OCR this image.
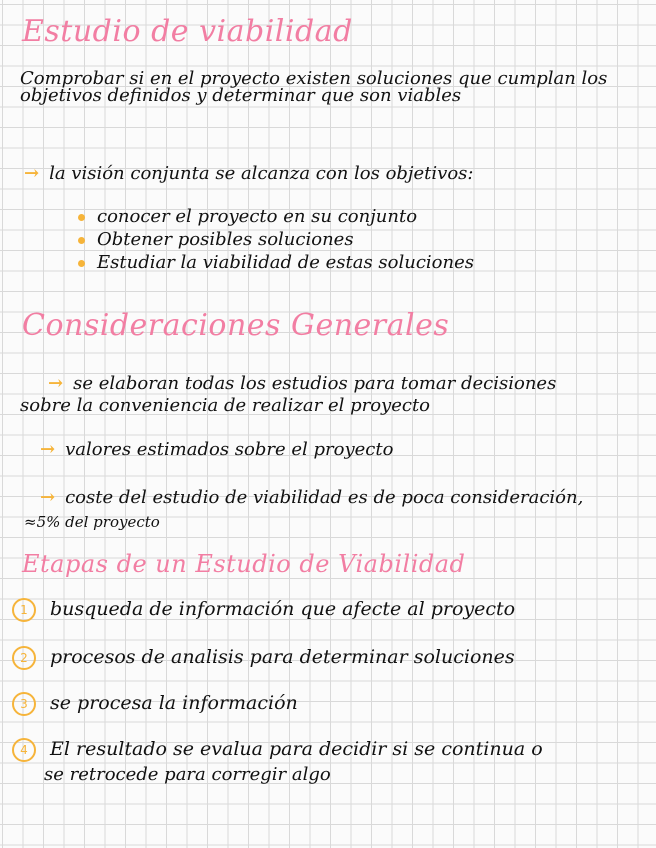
Estudio de viabilidad
Comprobar si en el proyecto existen soluciones que cumplan los objetivos definidos y determinar que son viables
→ la visión conjunta se alcanza con los objetivos:
conocer el proyecto en su conjunto
Obtener posibles soluciones
Estudiar la viabilidad de estas soluciones
Consideraciones Generales
→ se elaboran todas los estudios para tomar decisiones
sobre la conveniencia de realizar el proyecto
→ valores estimados sobre el proyecto
→ coste del estudio de viabilidad es de poca consideración,
≈5% del proyecto
Etapas de un Estudio de Viabilidad
1 busqueda de información que afecte al proyecto
2 procesos de analisis para determinar soluciones
3 se procesa la información
4 El resultado se evalua para decidir si se continua o
se retrocede para corregir algo
